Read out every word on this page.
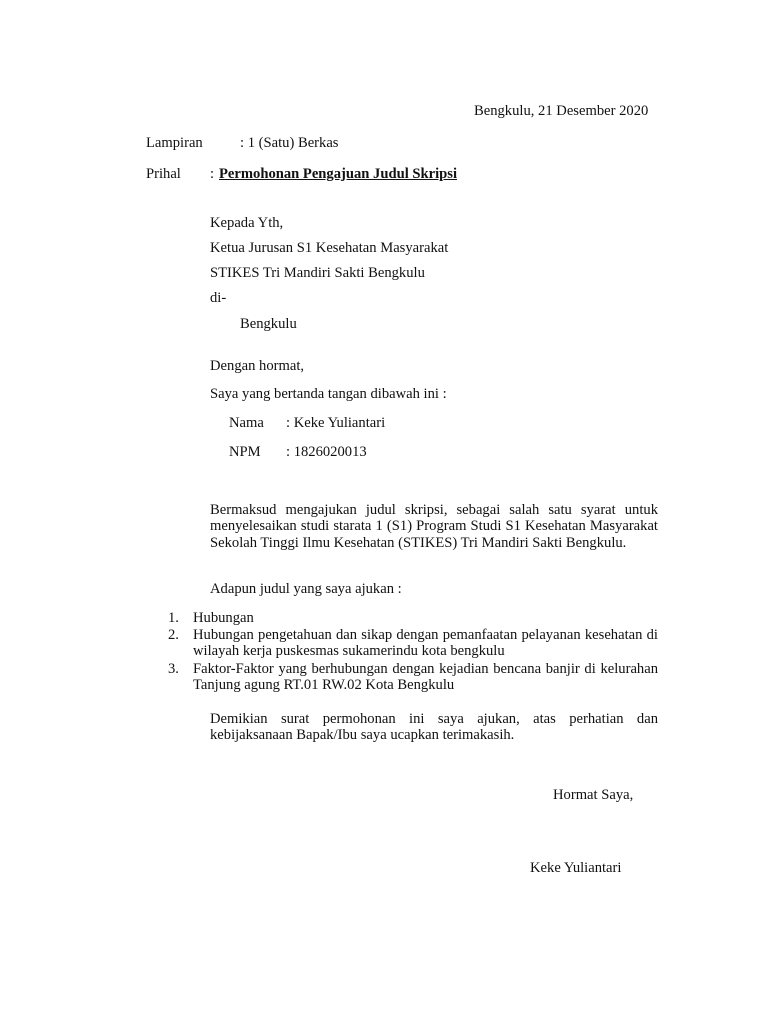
Bengkulu, 21 Desember 2020
Lampiran	: 1 (Satu) Berkas
Prihal : Permohonan Pengajuan Judul Skripsi
Kepada Yth,
Ketua Jurusan S1 Kesehatan Masyarakat
STIKES Tri Mandiri Sakti Bengkulu
di-
Bengkulu
Dengan hormat,
Saya yang bertanda tangan dibawah ini :
Nama : Keke Yuliantari
NPM : 1826020013
Bermaksud mengajukan judul skripsi, sebagai salah satu syarat untuk menyelesaikan studi starata 1 (S1) Program Studi S1 Kesehatan Masyarakat Sekolah Tinggi Ilmu Kesehatan (STIKES) Tri Mandiri Sakti Bengkulu.
Adapun judul yang saya ajukan :
1. Hubungan
2. Hubungan pengetahuan dan sikap dengan pemanfaatan pelayanan kesehatan di wilayah kerja puskesmas sukamerindu kota bengkulu
3. Faktor-Faktor yang berhubungan dengan kejadian bencana banjir di kelurahan Tanjung agung RT.01 RW.02 Kota Bengkulu
Demikian surat permohonan ini saya ajukan, atas perhatian dan kebijaksanaan Bapak/Ibu saya ucapkan terimakasih.
Hormat Saya,
Keke Yuliantari
